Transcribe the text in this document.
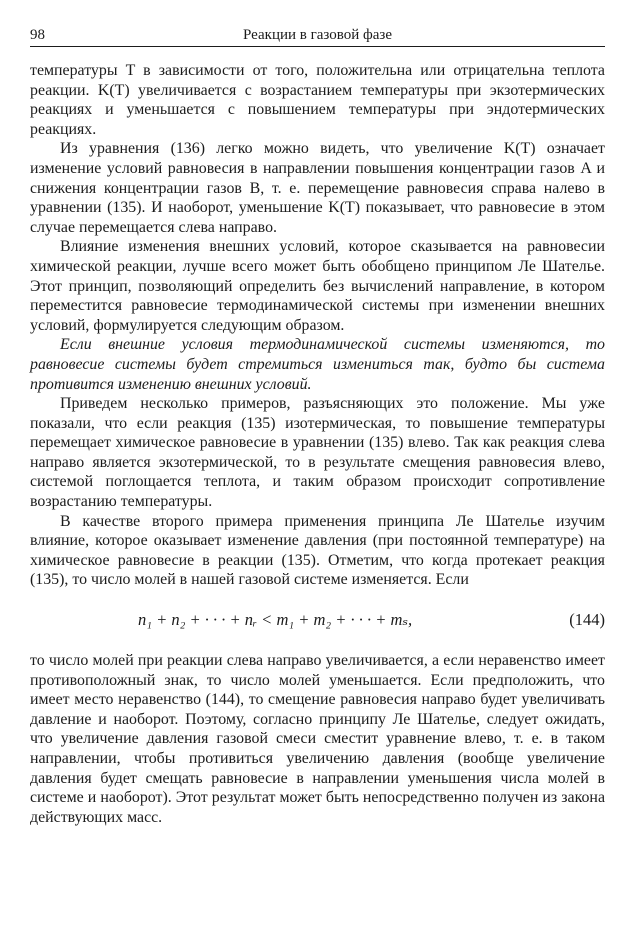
98	Реакции в газовой фазе

температуры T в зависимости от того, положительна или отрицательна теплота реакции. K(T) увеличивается с возрастанием температуры при экзотермических реакциях и уменьшается с повышением температуры при эндотермических реакциях.

Из уравнения (136) легко можно видеть, что увеличение K(T) означает изменение условий равновесия в направлении повышения концентрации газов A и снижения концентрации газов B, т. е. перемещение равновесия справа налево в уравнении (135). И наоборот, уменьшение K(T) показывает, что равновесие в этом случае перемещается слева направо.

Влияние изменения внешних условий, которое сказывается на равновесии химической реакции, лучше всего может быть обобщено принципом Ле Шателье. Этот принцип, позволяющий определить без вычислений направление, в котором переместится равновесие термодинамической системы при изменении внешних условий, формулируется следующим образом.

Если внешние условия термодинамической системы изменяются, то равновесие системы будет стремиться измениться так, будто бы система противится изменению внешних условий.

Приведем несколько примеров, разъясняющих это положение. Мы уже показали, что если реакция (135) изотермическая, то повышение температуры перемещает химическое равновесие в уравнении (135) влево. Так как реакция слева направо является экзотермической, то в результате смещения равновесия влево, системой поглощается теплота, и таким образом происходит сопротивление возрастанию температуры.

В качестве второго примера применения принципа Ле Шателье изучим влияние, которое оказывает изменение давления (при постоянной температуре) на химическое равновесие в реакции (135). Отметим, что когда протекает реакция (135), то число молей в нашей газовой системе изменяется. Если

n₁ + n₂ + · · · + nᵣ < m₁ + m₂ + · · · + mₛ,	(144)

то число молей при реакции слева направо увеличивается, а если неравенство имеет противоположный знак, то число молей уменьшается. Если предположить, что имеет место неравенство (144), то смещение равновесия направо будет увеличивать давление и наоборот. Поэтому, согласно принципу Ле Шателье, следует ожидать, что увеличение давления газовой смеси сместит уравнение влево, т. е. в таком направлении, чтобы противиться увеличению давления (вообще увеличение давления будет смещать равновесие в направлении уменьшения числа молей в системе и наоборот). Этот результат может быть непосредственно получен из закона действующих масс.
